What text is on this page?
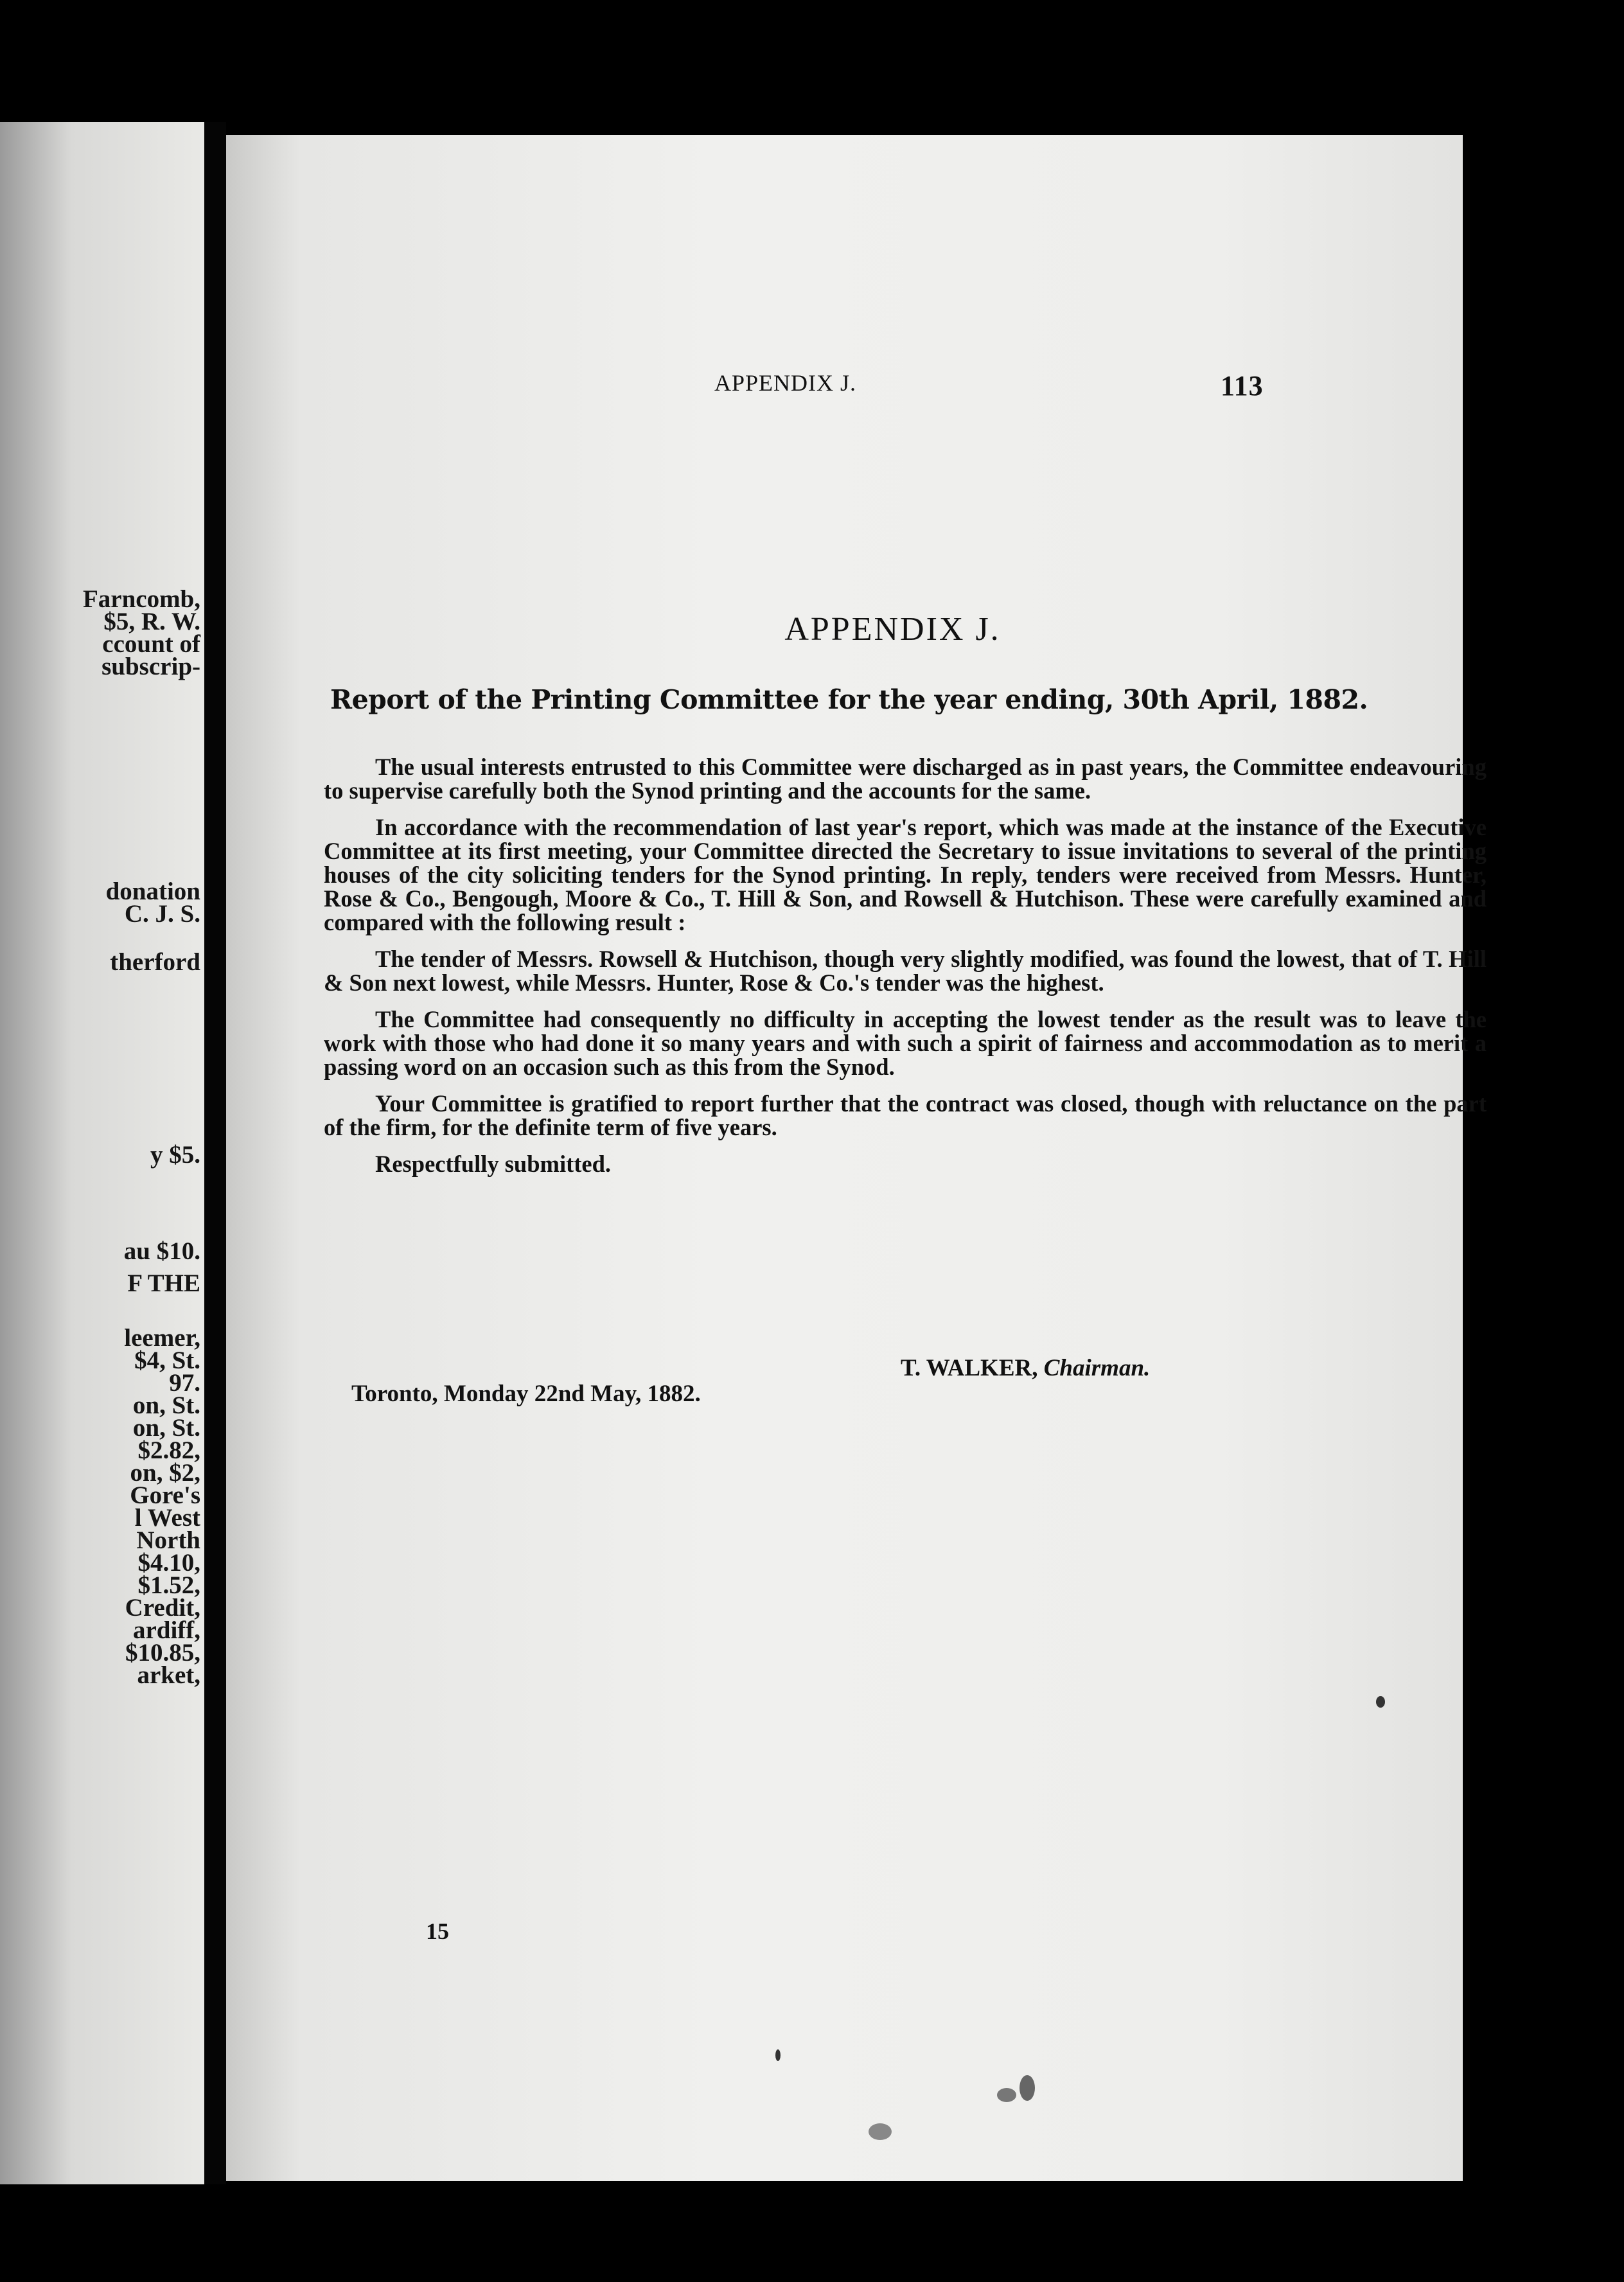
Farncomb,
$5, R. W.
ccount of
subscrip-
donation
C. J. S.
therford
y $5.
au $10.
F THE
leemer,
$4, St.
97.
on, St.
on, St.
$2.82,
on, $2,
Gore's
l West
North
$4.10,
$1.52,
Credit,
ardiff,
$10.85,
arket,
APPENDIX J.	113
APPENDIX J.
Report of the Printing Committee for the year ending, 30th April, 1882.

The usual interests entrusted to this Committee were discharged as in past years, the Committee endeavouring to supervise carefully both the Synod printing and the accounts for the same.

In accordance with the recommendation of last year's report, which was made at the instance of the Executive Committee at its first meeting, your Committee directed the Secretary to issue invitations to several of the printing houses of the city soliciting tenders for the Synod printing. In reply, tenders were received from Messrs. Hunter, Rose & Co., Bengough, Moore & Co., T. Hill & Son, and Rowsell & Hutchison. These were carefully examined and compared with the following result :

The tender of Messrs. Rowsell & Hutchison, though very slightly modified, was found the lowest, that of T. Hill & Son next lowest, while Messrs. Hunter, Rose & Co.'s tender was the highest.

The Committee had consequently no difficulty in accepting the lowest tender as the result was to leave the work with those who had done it so many years and with such a spirit of fairness and accommodation as to merit a passing word on an occasion such as this from the Synod.

Your Committee is gratified to report further that the contract was closed, though with reluctance on the part of the firm, for the definite term of five years.

Respectfully submitted.

T. WALKER, Chairman.
Toronto, Monday 22nd May, 1882.
15
